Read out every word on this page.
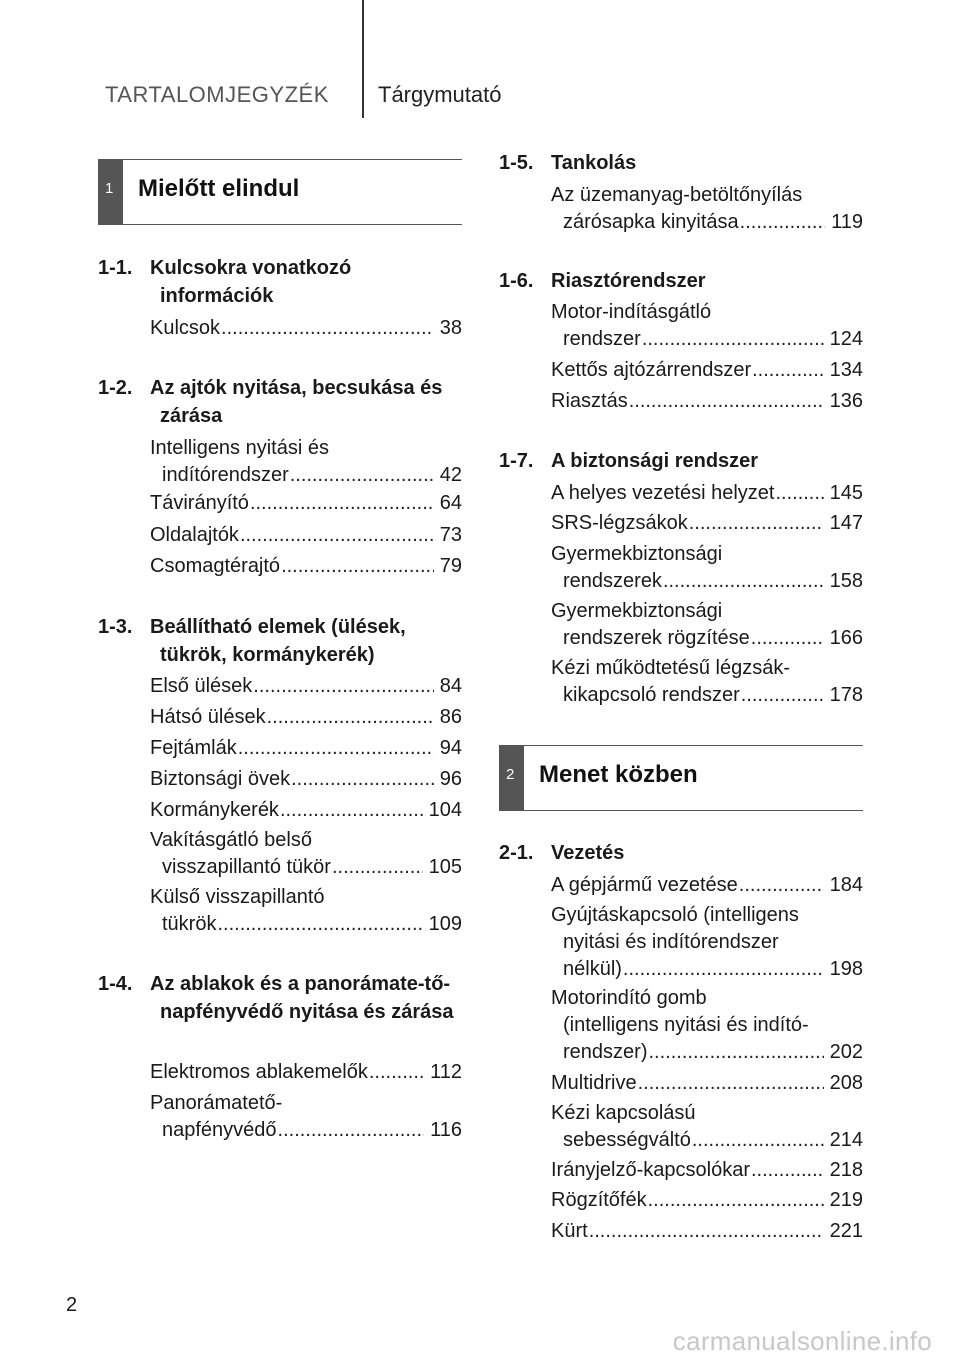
TARTALOMJEGYZÉK Tárgymutató
1 Mielőtt elindul
1-1. Kulcsokra vonatkozó információk
Kulcsok .....	38
1-2. Az ajtók nyitása, becsukása és zárása
Intelligens nyitási és
indítórendszer .....	42
Távirányító .....	64
Oldalajtók .....	73
Csomagtérajtó .....	79
1-3. Beállítható elemek (ülések, tükrök, kormánykerék)
Első ülések .....	84
Hátsó ülések .....	86
Fejtámlák .....	94
Biztonsági övek .....	96
Kormánykerék .....	104
Vakításgátló belső
visszapillantó tükör .....	105
Külső visszapillantó
tükrök .....	109
1-4. Az ablakok és a panorámate-tő-napfényvédő nyitása és zárása
Elektromos ablakemelők .....	112
Panorámatető-
napfényvédő .....	116
1-5. Tankolás
Az üzemanyag-betöltőnyílás
zárósapka kinyitása .....	119
1-6. Riasztórendszer
Motor-indításgátló
rendszer .....	124
Kettős ajtózárrendszer .....	134
Riasztás .....	136
1-7. A biztonsági rendszer
A helyes vezetési helyzet .....	145
SRS-légzsákok .....	147
Gyermekbiztonsági
rendszerek .....	158
Gyermekbiztonsági
rendszerek rögzítése .....	166
Kézi működtetésű légzsák-
kikapcsoló rendszer .....	178
2 Menet közben
2-1. Vezetés
A gépjármű vezetése .....	184
Gyújtáskapcsoló (intelligens
nyitási és indítórendszer
nélkül) .....	198
Motorindító gomb
(intelligens nyitási és indító-
rendszer) .....	202
Multidrive .....	208
Kézi kapcsolású
sebességváltó .....	214
Irányjelző-kapcsolókar .....	218
Rögzítőfék .....	219
Kürt .....	221
2
carmanualsonline.info
